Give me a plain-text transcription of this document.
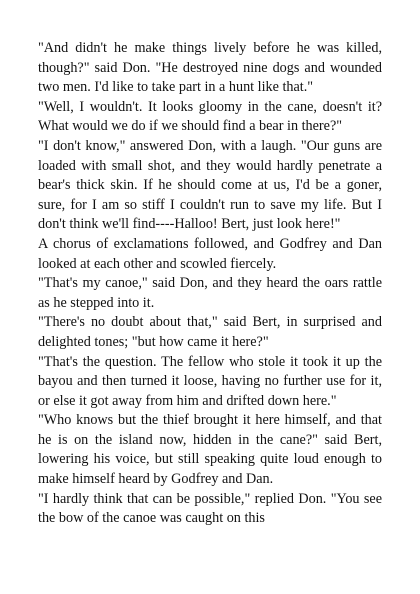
"And didn't he make things lively before he was killed, though?" said Don. "He destroyed nine dogs and wounded two men. I'd like to take part in a hunt like that."

"Well, I wouldn't. It looks gloomy in the cane, doesn't it? What would we do if we should find a bear in there?"

"I don't know," answered Don, with a laugh. "Our guns are loaded with small shot, and they would hardly penetrate a bear's thick skin. If he should come at us, I'd be a goner, sure, for I am so stiff I couldn't run to save my life. But I don't think we'll find----Halloo! Bert, just look here!"

A chorus of exclamations followed, and Godfrey and Dan looked at each other and scowled fiercely.

"That's my canoe," said Don, and they heard the oars rattle as he stepped into it.

"There's no doubt about that," said Bert, in surprised and delighted tones; "but how came it here?"

"That's the question. The fellow who stole it took it up the bayou and then turned it loose, having no further use for it, or else it got away from him and drifted down here."

"Who knows but the thief brought it here himself, and that he is on the island now, hidden in the cane?" said Bert, lowering his voice, but still speaking quite loud enough to make himself heard by Godfrey and Dan.

"I hardly think that can be possible," replied Don. "You see the bow of the canoe was caught on this
